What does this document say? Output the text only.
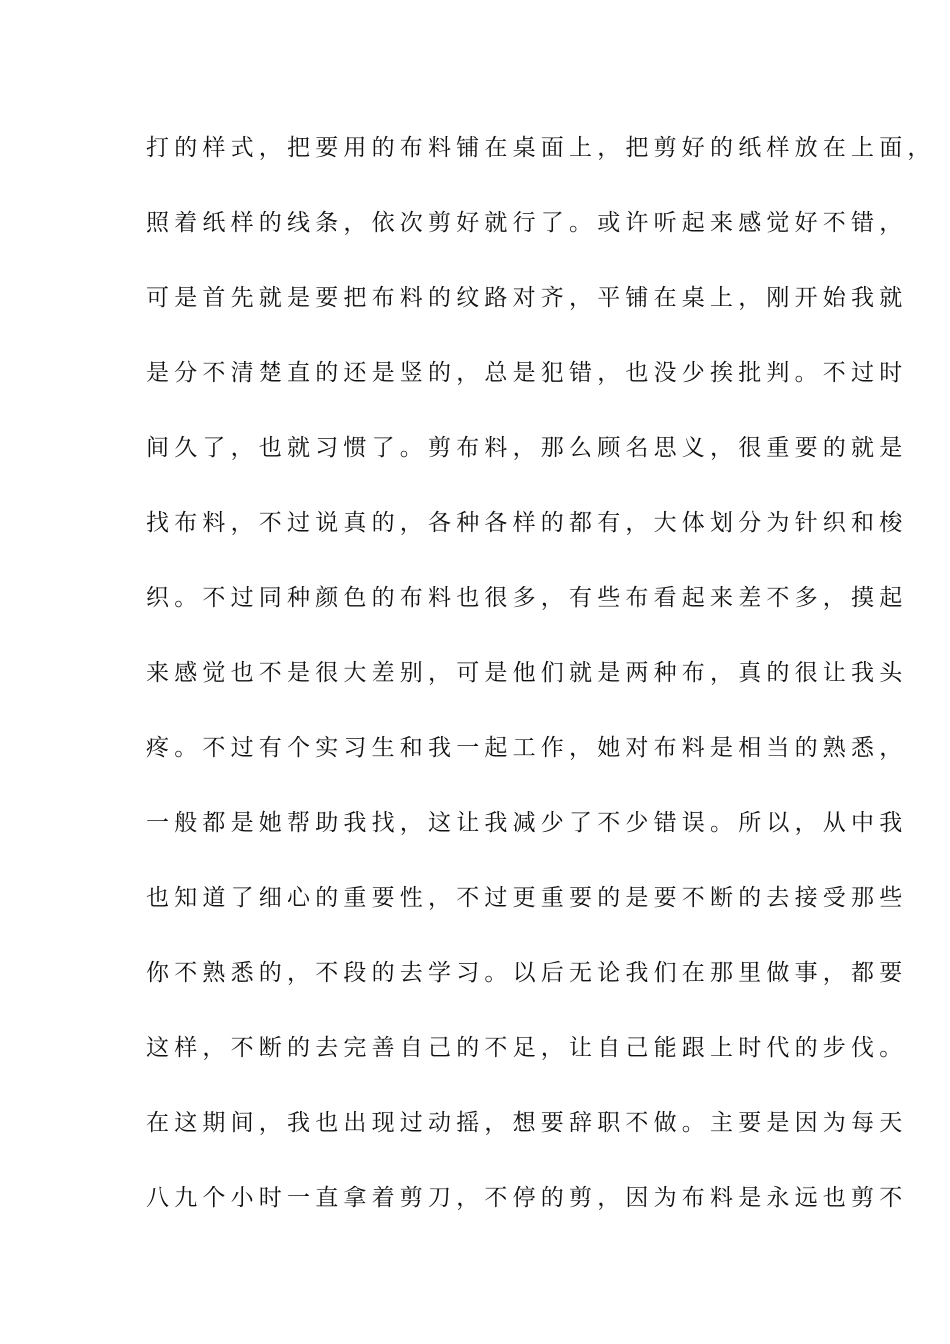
打的样式，把要用的布料铺在桌面上，把剪好的纸样放在上面，
照着纸样的线条，依次剪好就行了。或许听起来感觉好不错，
可是首先就是要把布料的纹路对齐，平铺在桌上，刚开始我就
是分不清楚直的还是竖的，总是犯错，也没少挨批判。不过时
间久了，也就习惯了。剪布料，那么顾名思义，很重要的就是
找布料，不过说真的，各种各样的都有，大体划分为针织和梭
织。不过同种颜色的布料也很多，有些布看起来差不多，摸起
来感觉也不是很大差别，可是他们就是两种布，真的很让我头
疼。不过有个实习生和我一起工作，她对布料是相当的熟悉，
一般都是她帮助我找，这让我减少了不少错误。所以，从中我
也知道了细心的重要性，不过更重要的是要不断的去接受那些
你不熟悉的，不段的去学习。以后无论我们在那里做事，都要
这样，不断的去完善自己的不足，让自己能跟上时代的步伐。
在这期间，我也出现过动摇，想要辞职不做。主要是因为每天
八九个小时一直拿着剪刀，不停的剪，因为布料是永远也剪不
